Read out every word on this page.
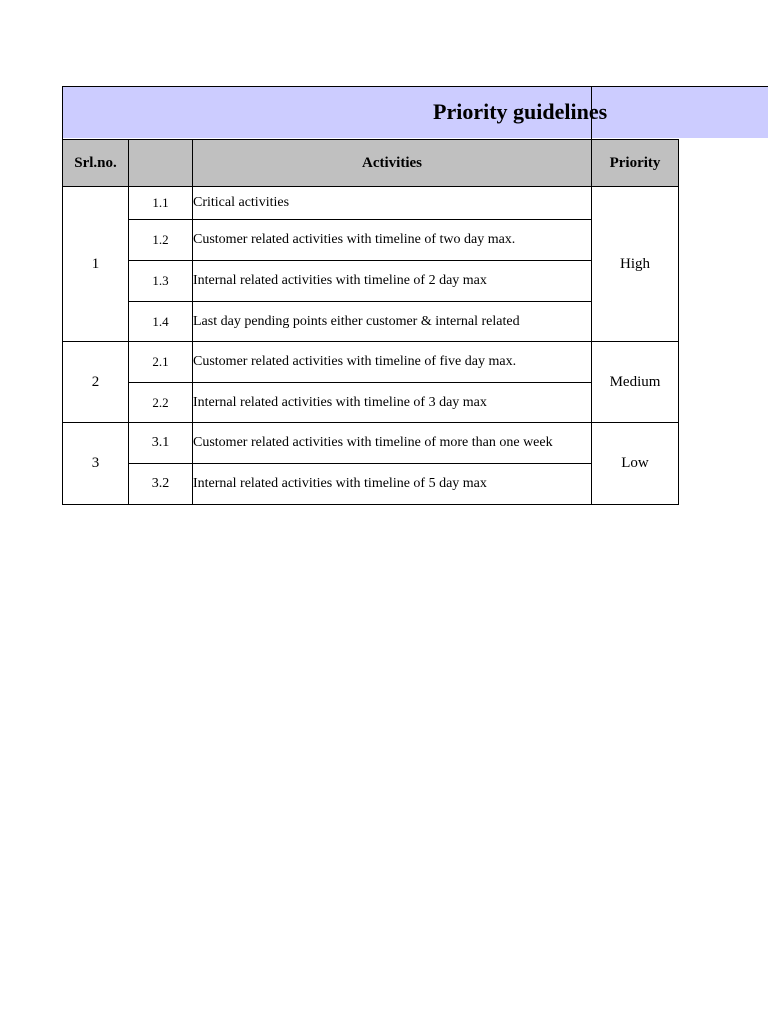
Priority guidelines

Srl.no.		Activities	Priority
1	1.1	Critical activities	High
	1.2	Customer related activities with timeline of two day max.	
	1.3	Internal related activities with timeline of 2 day max	
	1.4	Last day pending points either customer & internal related	
2	2.1	Customer related activities with timeline of five day max.	Medium
	2.2	Internal related activities with timeline of 3 day max	
3	3.1	Customer related activities with timeline of more than one week	Low
	3.2	Internal related activities with timeline of 5 day max	
